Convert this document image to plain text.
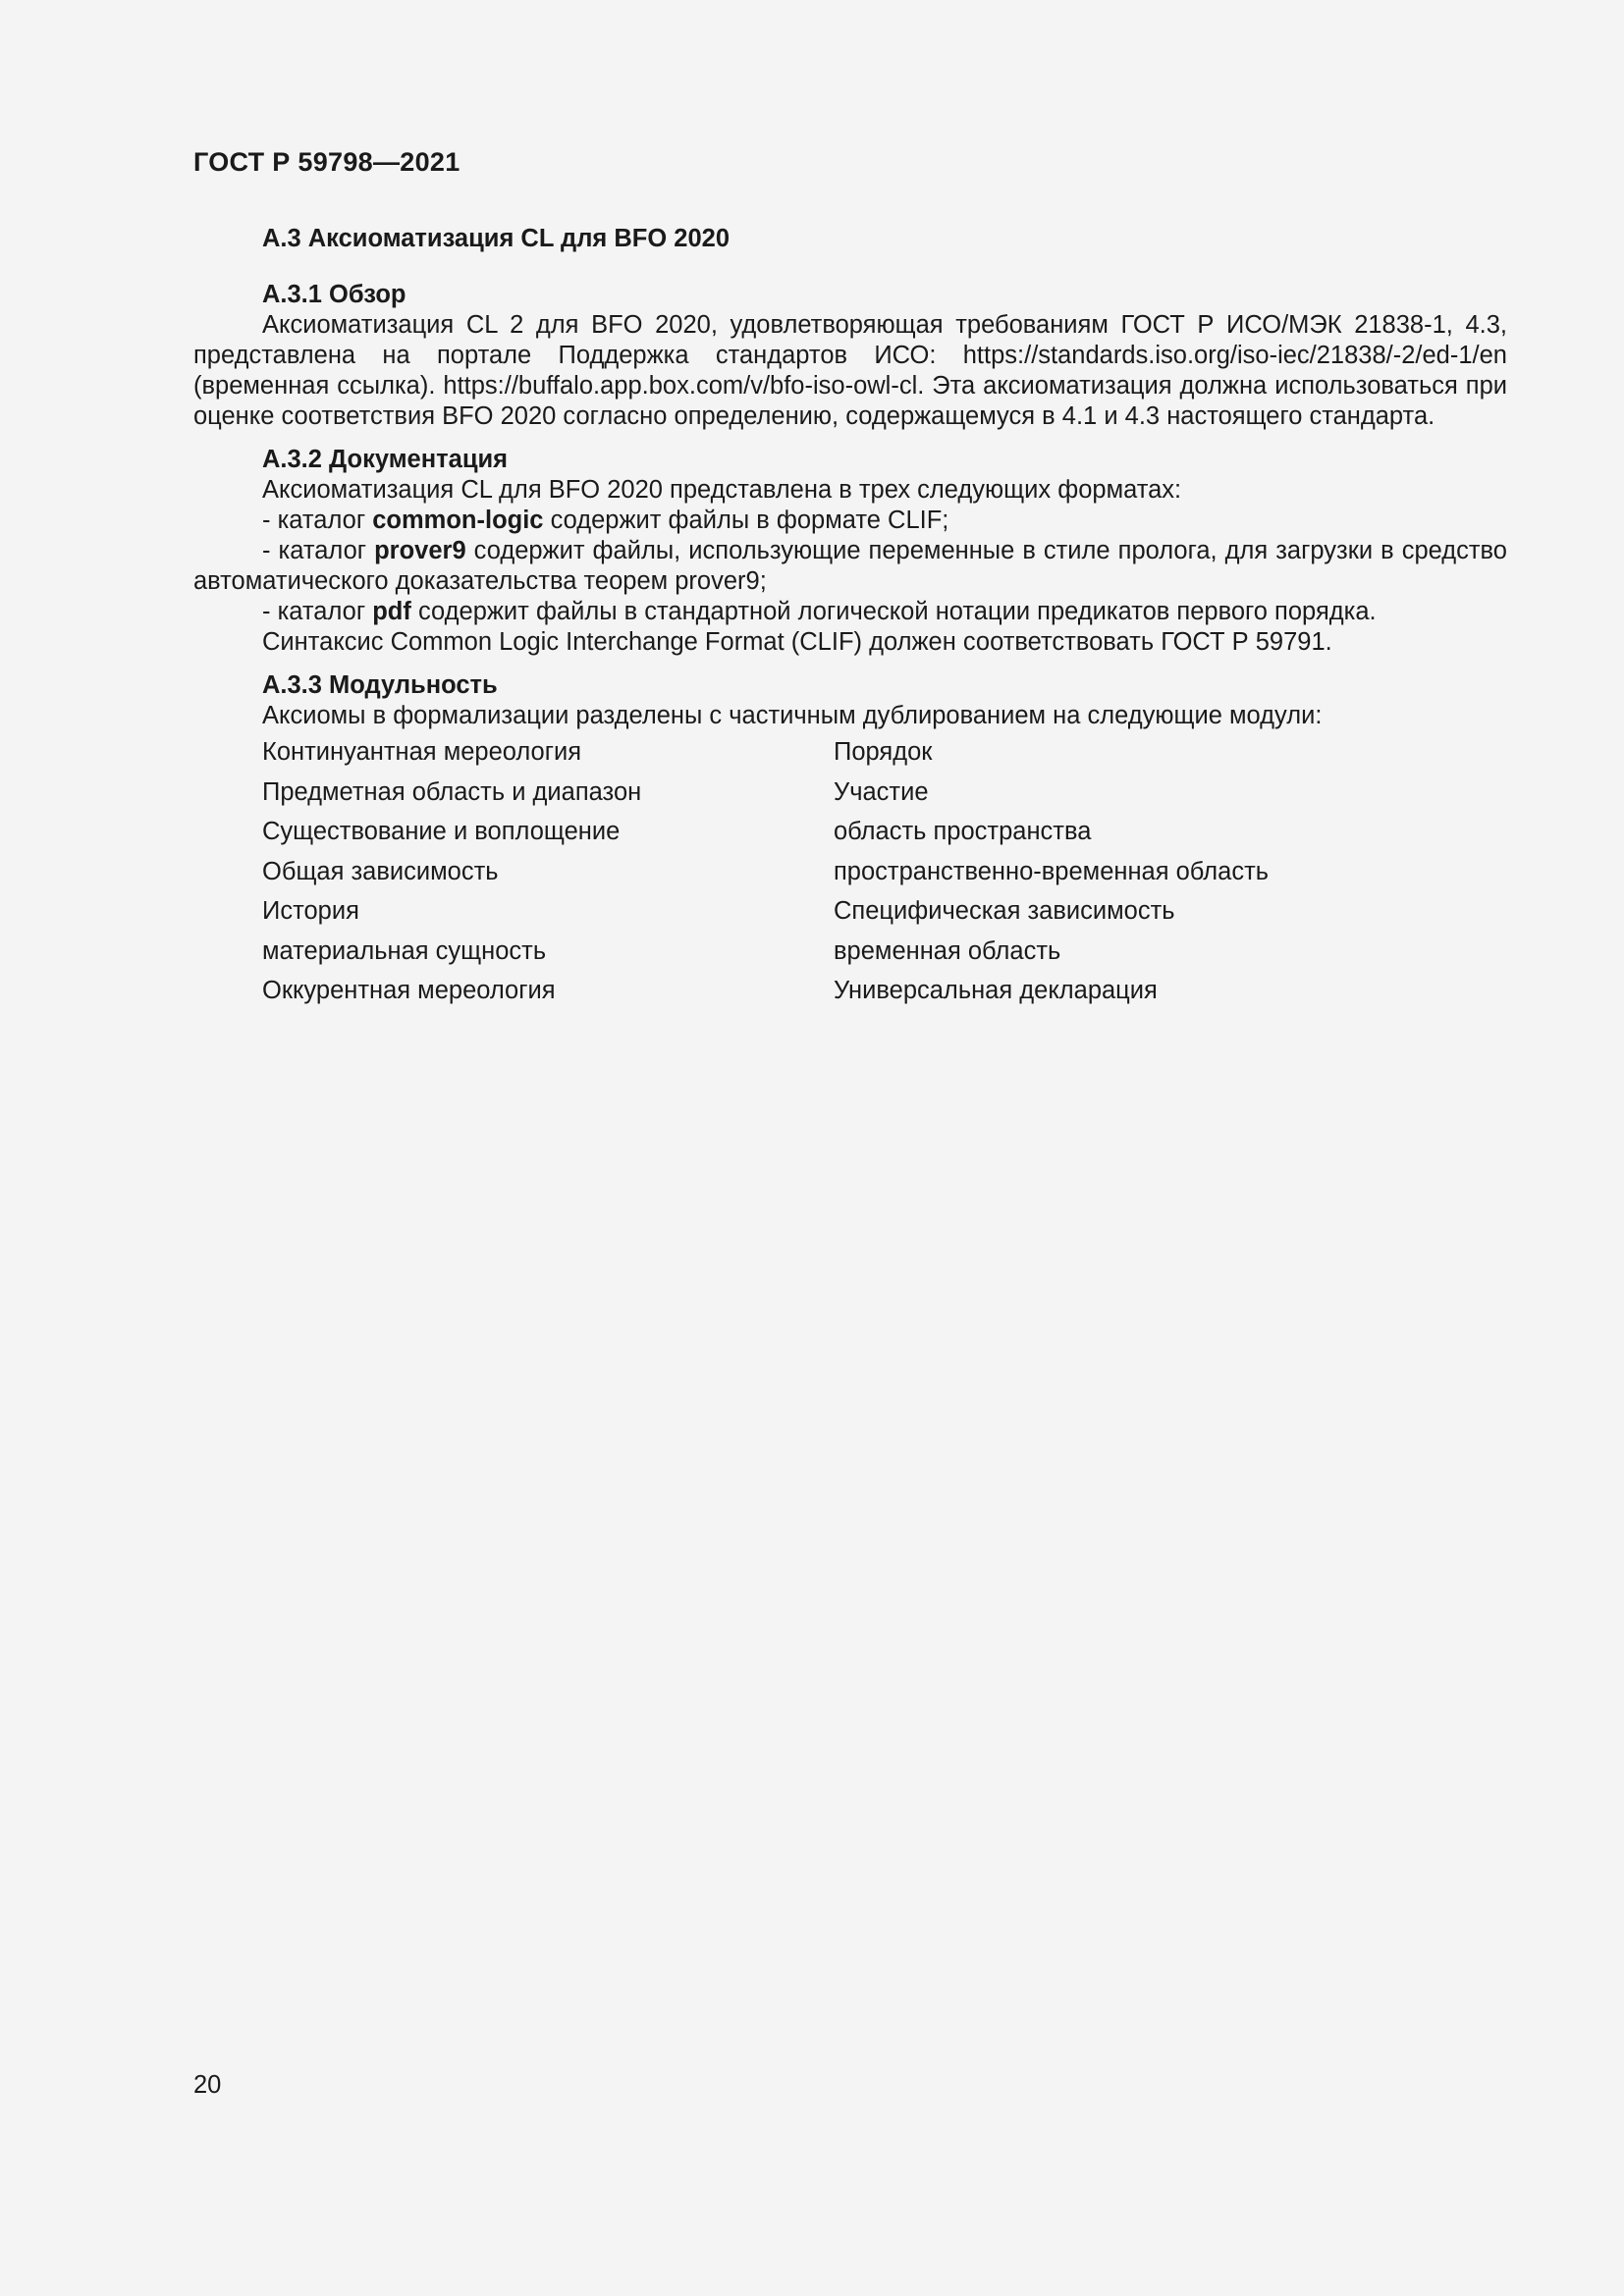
ГОСТ Р 59798—2021
А.3 Аксиоматизация CL для BFO 2020
А.3.1 Обзор

Аксиоматизация CL 2 для BFO 2020, удовлетворяющая требованиям ГОСТ Р ИСО/МЭК 21838-1, 4.3, представлена на портале Поддержка стандартов ИСО: https://standards.iso.org/iso-iec/21838/-2/ed-1/en (временная ссылка). https://buffalo.app.box.com/v/bfo-iso-owl-cl. Эта аксиоматизация должна использоваться при оценке соответствия BFO 2020 согласно определению, содержащемуся в 4.1 и 4.3 настоящего стандарта.

А.3.2 Документация

Аксиоматизация CL для BFO 2020 представлена в трех следующих форматах:

- каталог common-logic содержит файлы в формате CLIF;

- каталог prover9 содержит файлы, использующие переменные в стиле пролога, для загрузки в средство автоматического доказательства теорем prover9;

- каталог pdf содержит файлы в стандартной логической нотации предикатов первого порядка.

Синтаксис Common Logic Interchange Format (CLIF) должен соответствовать ГОСТ Р 59791.

А.3.3 Модульность

Аксиомы в формализации разделены с частичным дублированием на следующие модули:

Континуантная мереология	Порядок
Предметная область и диапазон	Участие
Существование и воплощение	область пространства
Общая зависимость	пространственно-временная область
История	Специфическая зависимость
материальная сущность	временная область
Оккурентная мереология	Универсальная декларация
20
